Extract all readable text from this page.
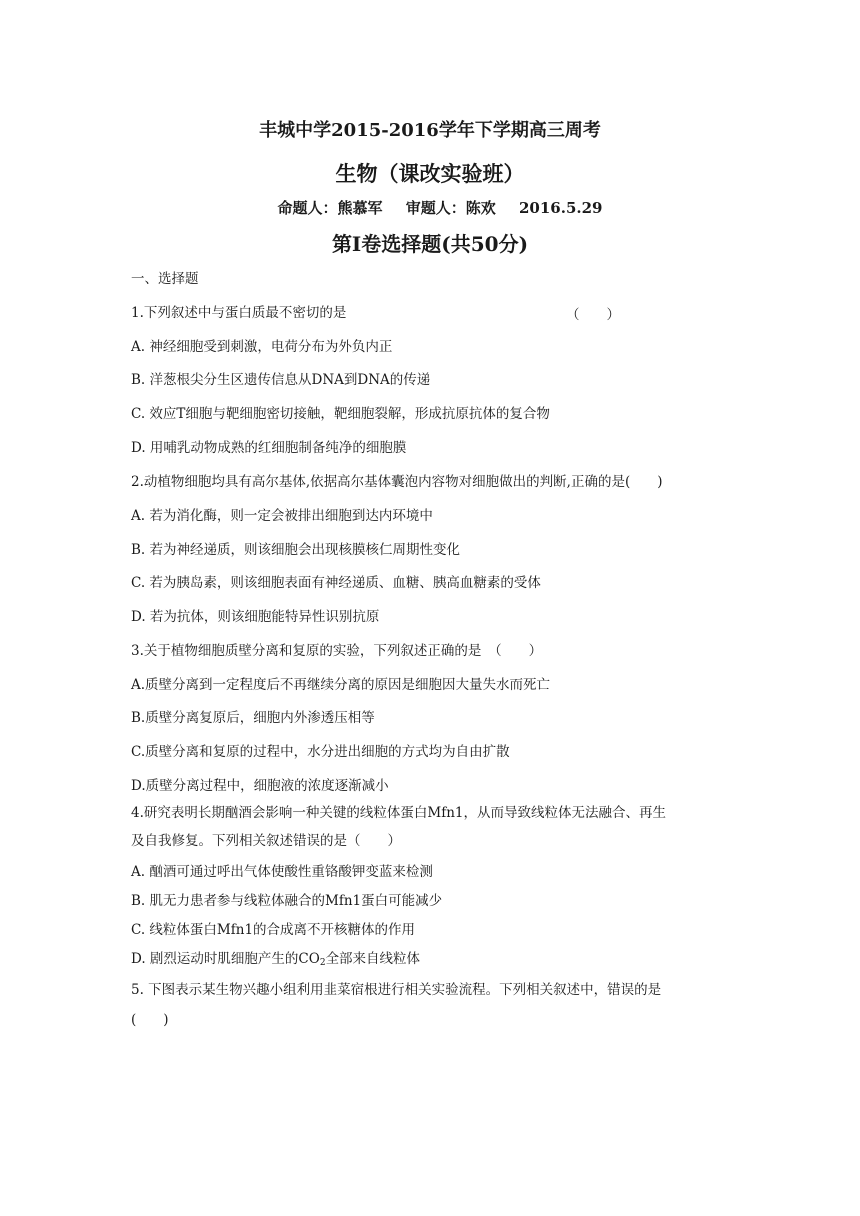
丰城中学2015-2016学年下学期高三周考
生物（课改实验班）
命题人：熊慕军 审题人：陈欢 2016.5.29
第Ⅰ卷选择题(共50分)
一、选择题
1.下列叙述中与蛋白质最不密切的是	（　　）
A. 神经细胞受到刺激，电荷分布为外负内正
B. 洋葱根尖分生区遗传信息从DNA到DNA的传递
C. 效应T细胞与靶细胞密切接触，靶细胞裂解，形成抗原抗体的复合物
D. 用哺乳动物成熟的红细胞制备纯净的细胞膜
2.动植物细胞均具有高尔基体,依据高尔基体囊泡内容物对细胞做出的判断,正确的是(　　)
A. 若为消化酶，则一定会被排出细胞到达内环境中
B. 若为神经递质，则该细胞会出现核膜核仁周期性变化
C. 若为胰岛素，则该细胞表面有神经递质、血糖、胰高血糖素的受体
D. 若为抗体，则该细胞能特异性识别抗原
3.关于植物细胞质壁分离和复原的实验，下列叙述正确的是　（　　）
A.质壁分离到一定程度后不再继续分离的原因是细胞因大量失水而死亡
B.质壁分离复原后，细胞内外渗透压相等
C.质壁分离和复原的过程中，水分进出细胞的方式均为自由扩散
D.质壁分离过程中，细胞液的浓度逐渐减小
4.研究表明长期酗酒会影响一种关键的线粒体蛋白Mfn1，从而导致线粒体无法融合、再生
及自我修复。下列相关叙述错误的是（　　）
A. 酗酒可通过呼出气体使酸性重铬酸钾变蓝来检测
B. 肌无力患者参与线粒体融合的Mfn1蛋白可能减少
C. 线粒体蛋白Mfn1的合成离不开核糖体的作用
D. 剧烈运动时肌细胞产生的$CO_2$全部来自线粒体
5. 下图表示某生物兴趣小组利用韭菜宿根进行相关实验流程。下列相关叙述中，错误的是
(　　)
